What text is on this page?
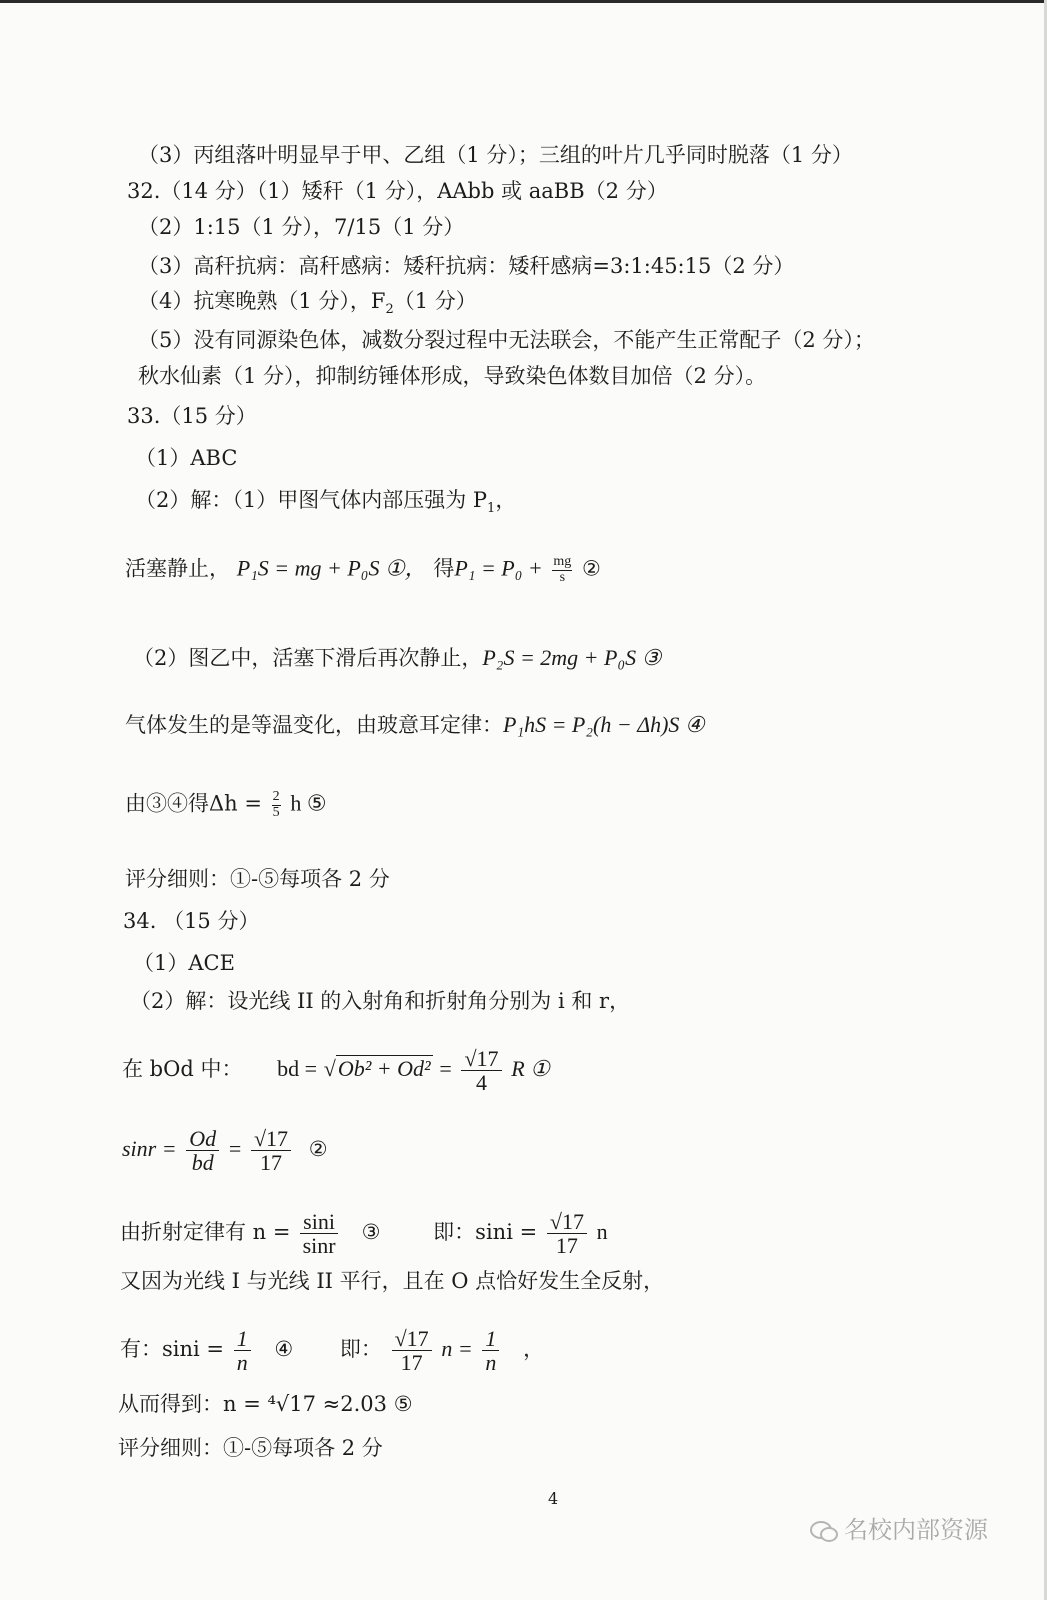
（3）丙组落叶明显早于甲、乙组（1 分）；三组的叶片几乎同时脱落（1 分）
32.（14 分）（1）矮秆（1 分），AAbb 或 aaBB（2 分）
（2）1:15（1 分），7/15（1 分）
（3）高秆抗病：高秆感病：矮秆抗病：矮秆感病=3:1:45:15（2 分）
（4）抗寒晚熟（1 分），$F_2(1$ 分）
（5）没有同源染色体，减数分裂过程中无法联会，不能产生正常配子（2 分）；
秋水仙素（1 分），抑制纺锤体形成，导致染色体数目加倍（2 分）。
33.（15 分）
（1）ABC
（2）解：（1）甲图气体内部压强为 $P_1$，
活塞静止， P₁S = mg + P₀S ①， 得$P_1 = P_0 + \frac{mg}{s}$ ②
（2）图乙中，活塞下滑后再次静止，P₂S = 2mg + P₀S ③
气体发生的是等温变化，由玻意耳定律：P₁hS = P₂(h − Δh)S ④
由③④得$\Delta h = \frac{2}{5}$ h ⑤
评分细则：①-⑤每项各 2 分
34. （15 分）
（1）ACE
（2）解：设光线 II 的入射角和折射角分别为 i 和 r，
在 bOd 中： bd = $√Ob^2 + Od^2 = \frac{√17}{4}$ R ①
$\sin r = \frac{Od}{bd} = \frac{√17}{17}$ ②
由折射定律有 $n = \frac{\sin i}{\sin r}$ ③	即：$\sin i = \frac{√17}{17}$ n
又因为光线 I 与光线 II 平行，且在 O 点恰好发生全反射，
有：$\sin i = \frac{1}{n}$ ④ 即： $\frac{√17}{17}$ $n = \frac{1}{n}$ ，
从而得到：n = ⁴√17 ≈2.03 ⑤
评分细则：①-⑤每项各 2 分
4
名校内部资源
